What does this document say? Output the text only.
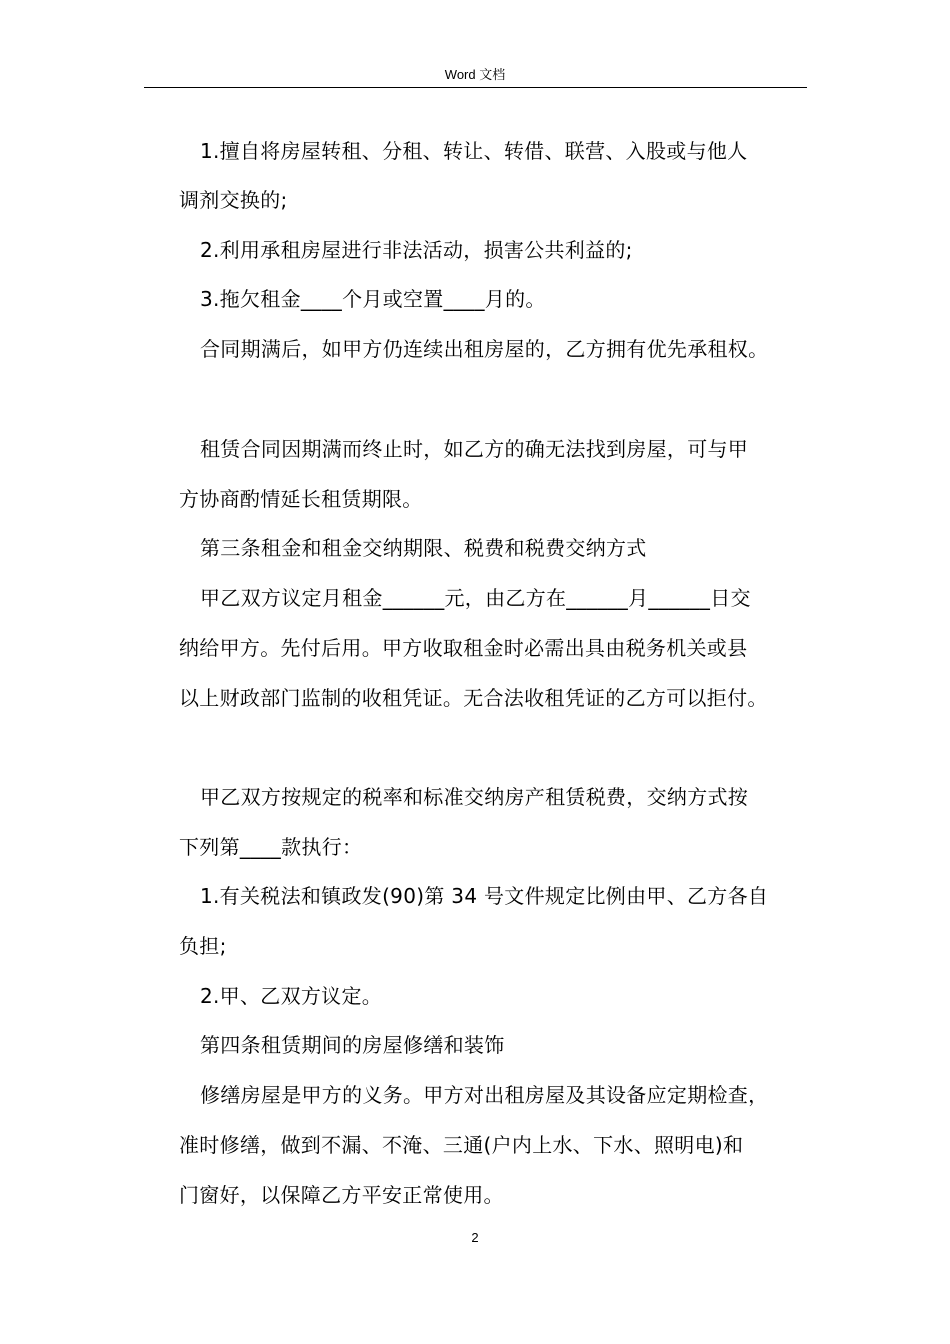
Word 文档
1.擅自将房屋转租、分租、转让、转借、联营、入股或与他人
调剂交换的;
2.利用承租房屋进行非法活动，损害公共利益的;
3.拖欠租金____个月或空置____月的。
合同期满后，如甲方仍连续出租房屋的，乙方拥有优先承租权。
租赁合同因期满而终止时，如乙方的确无法找到房屋，可与甲
方协商酌情延长租赁期限。
第三条租金和租金交纳期限、税费和税费交纳方式
甲乙双方议定月租金______元，由乙方在______月______日交
纳给甲方。先付后用。甲方收取租金时必需出具由税务机关或县
以上财政部门监制的收租凭证。无合法收租凭证的乙方可以拒付。
甲乙双方按规定的税率和标准交纳房产租赁税费，交纳方式按
下列第____款执行：
1.有关税法和镇政发(90)第 34 号文件规定比例由甲、乙方各自
负担;
2.甲、乙双方议定。
第四条租赁期间的房屋修缮和装饰
修缮房屋是甲方的义务。甲方对出租房屋及其设备应定期检查，
准时修缮，做到不漏、不淹、三通(户内上水、下水、照明电)和
门窗好，以保障乙方平安正常使用。
2
